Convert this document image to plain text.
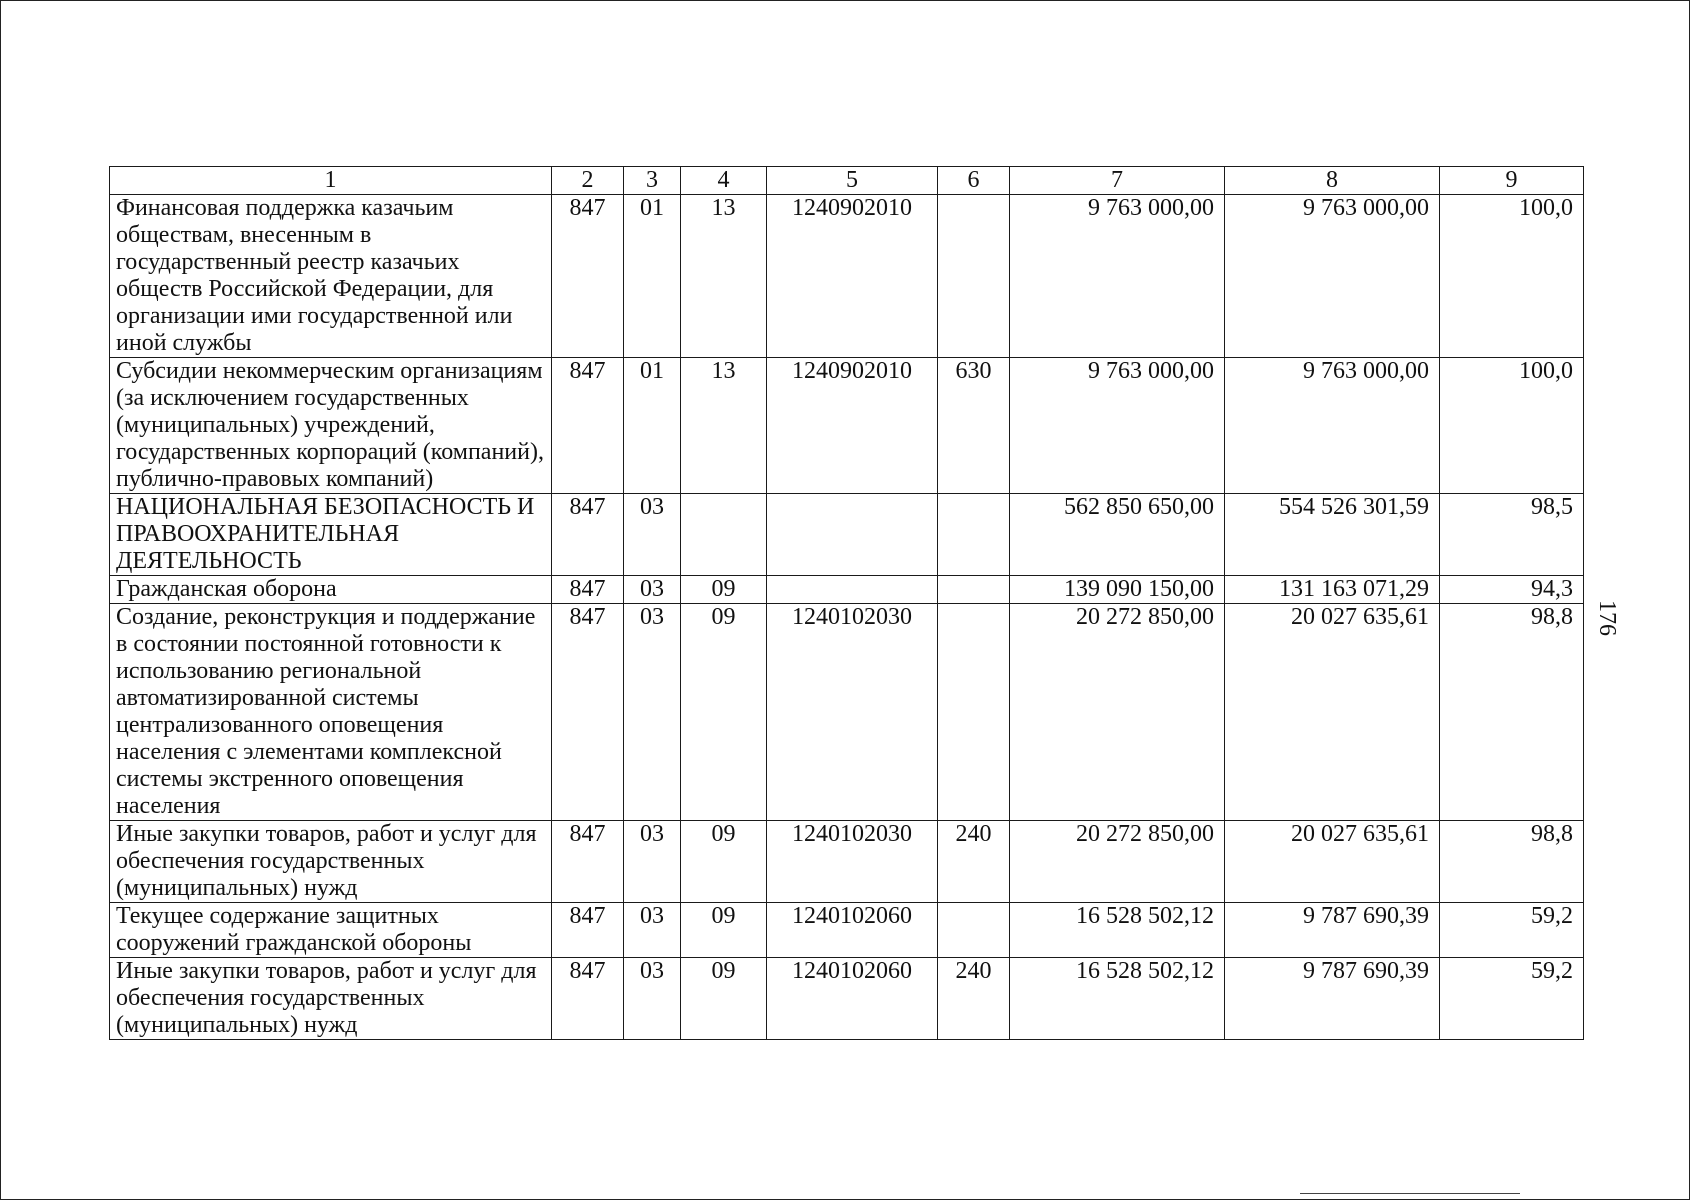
1	2	3	4	5	6	7	8	9
Финансовая поддержка казачьим обществам, внесенным в государственный реестр казачьих обществ Российской Федерации, для организации ими государственной или иной службы	847	01	13	1240902010		9 763 000,00	9 763 000,00	100,0
Субсидии некоммерческим организациям (за исключением государственных (муниципальных) учреждений, государственных корпораций (компаний), публично-правовых компаний)	847	01	13	1240902010	630	9 763 000,00	9 763 000,00	100,0
НАЦИОНАЛЬНАЯ БЕЗОПАСНОСТЬ И ПРАВООХРАНИТЕЛЬНАЯ ДЕЯТЕЛЬНОСТЬ	847	03				562 850 650,00	554 526 301,59	98,5
Гражданская оборона	847	03	09			139 090 150,00	131 163 071,29	94,3
Создание, реконструкция и поддержание в состоянии постоянной готовности к использованию региональной автоматизированной системы централизованного оповещения населения с элементами комплексной системы экстренного оповещения населения	847	03	09	1240102030		20 272 850,00	20 027 635,61	98,8
Иные закупки товаров, работ и услуг для обеспечения государственных (муниципальных) нужд	847	03	09	1240102030	240	20 272 850,00	20 027 635,61	98,8
Текущее содержание защитных сооружений гражданской обороны	847	03	09	1240102060		16 528 502,12	9 787 690,39	59,2
Иные закупки товаров, работ и услуг для обеспечения государственных (муниципальных) нужд	847	03	09	1240102060	240	16 528 502,12	9 787 690,39	59,2
176
